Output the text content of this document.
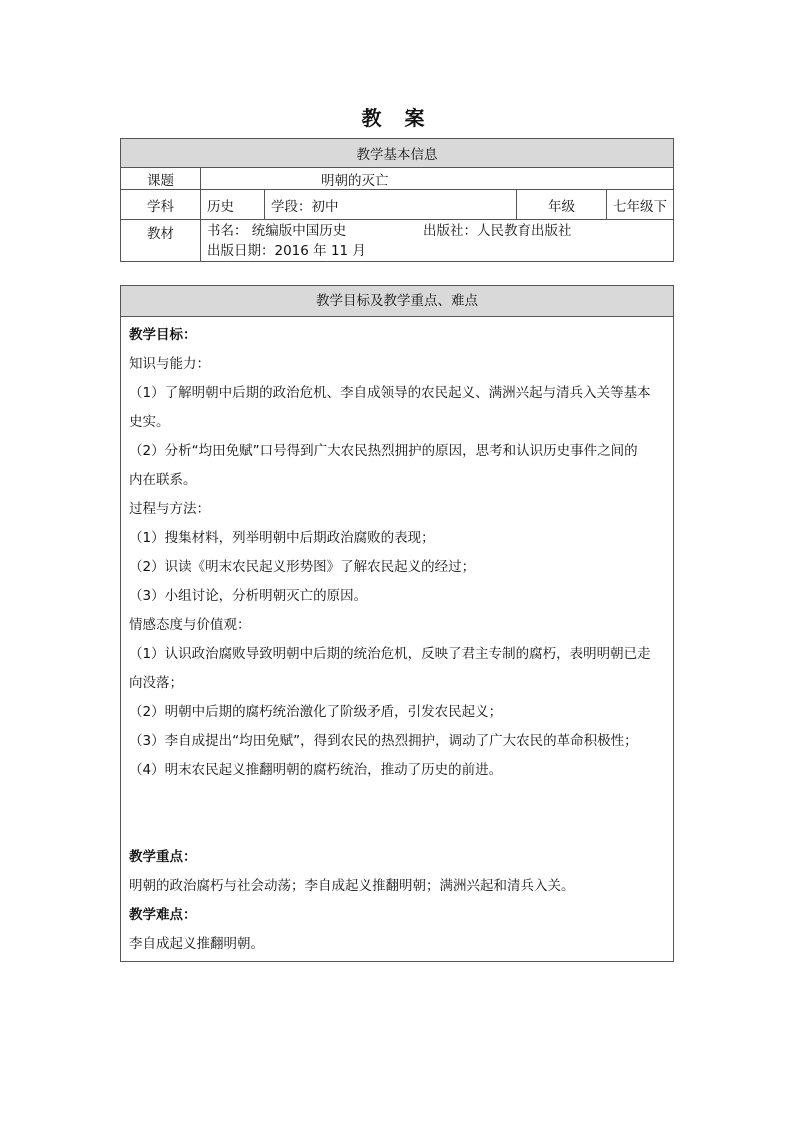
教 案
教学基本信息				
课题	明朝的灭亡			
学科	历史	学段：初中	年级	七年级下
教材	书名： 统编版中国历史 出版社：人民教育出版社
出版日期：2016 年 11 月			
教学目标及教学重点、难点

教学目标：

知识与能力：

（1）了解明朝中后期的政治危机、李自成领导的农民起义、满洲兴起与清兵入关等基本

史实。

（2）分析“均田免赋”口号得到广大农民热烈拥护的原因，思考和认识历史事件之间的

内在联系。

过程与方法：

（1）搜集材料，列举明朝中后期政治腐败的表现；

（2）识读《明末农民起义形势图》了解农民起义的经过；

（3）小组讨论，分析明朝灭亡的原因。

情感态度与价值观：

（1）认识政治腐败导致明朝中后期的统治危机，反映了君主专制的腐朽，表明明朝已走

向没落；

（2）明朝中后期的腐朽统治激化了阶级矛盾，引发农民起义；

（3）李自成提出“均田免赋”，得到农民的热烈拥护，调动了广大农民的革命积极性；

（4）明末农民起义推翻明朝的腐朽统治，推动了历史的前进。

教学重点：

明朝的政治腐朽与社会动荡；李自成起义推翻明朝；满洲兴起和清兵入关。

教学难点：

李自成起义推翻明朝。
